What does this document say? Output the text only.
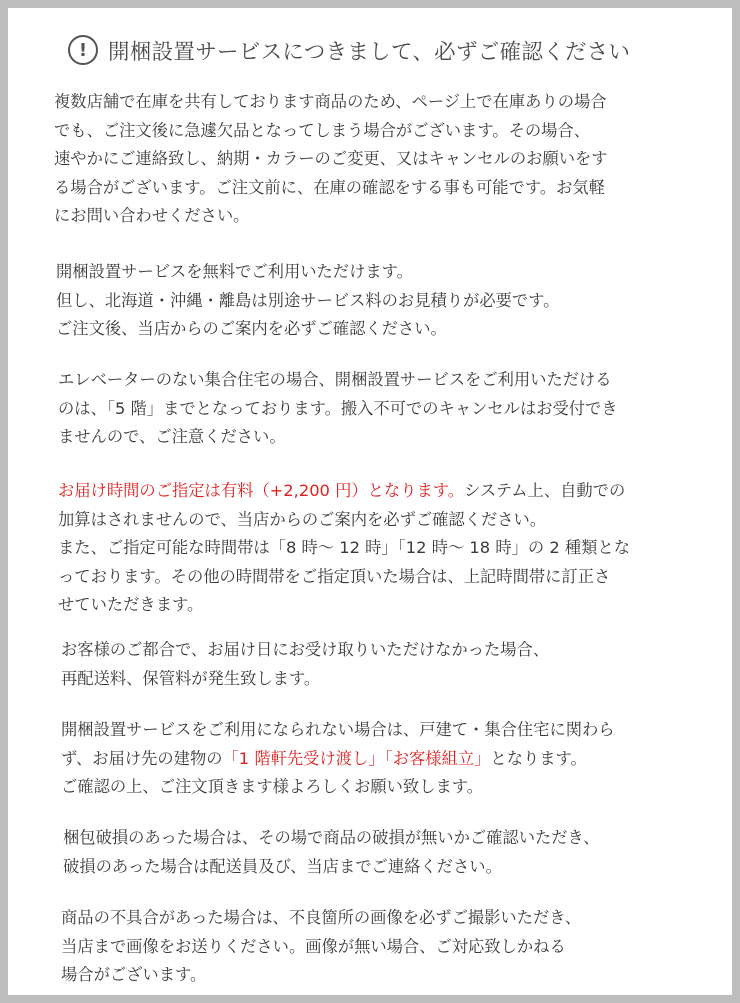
! 開梱設置サービスにつきまして、必ずご確認ください
複数店舗で在庫を共有しております商品のため、ページ上で在庫ありの場合
でも、ご注文後に急遽欠品となってしまう場合がございます。その場合、
速やかにご連絡致し、納期・カラーのご変更、又はキャンセルのお願いをす
る場合がございます。ご注文前に、在庫の確認をする事も可能です。お気軽
にお問い合わせください。
開梱設置サービスを無料でご利用いただけます。
但し、北海道・沖縄・離島は別途サービス料のお見積りが必要です。
ご注文後、当店からのご案内を必ずご確認ください。
エレベーターのない集合住宅の場合、開梱設置サービスをご利用いただける
のは、「5 階」までとなっております。搬入不可でのキャンセルはお受付でき
ませんので、ご注意ください。
お届け時間のご指定は有料（+2,200 円）となります。システム上、自動での
加算はされませんので、当店からのご案内を必ずご確認ください。
また、ご指定可能な時間帯は「8 時～ 12 時」「12 時～ 18 時」の 2 種類とな
っております。その他の時間帯をご指定頂いた場合は、上記時間帯に訂正さ
せていただきます。
お客様のご都合で、お届け日にお受け取りいただけなかった場合、
再配送料、保管料が発生致します。
開梱設置サービスをご利用になられない場合は、戸建て・集合住宅に関わら
ず、お届け先の建物の「1 階軒先受け渡し」「お客様組立」となります。
ご確認の上、ご注文頂きます様よろしくお願い致します。
梱包破損のあった場合は、その場で商品の破損が無いかご確認いただき、
破損のあった場合は配送員及び、当店までご連絡ください。
商品の不具合があった場合は、不良箇所の画像を必ずご撮影いただき、
当店まで画像をお送りください。画像が無い場合、ご対応致しかねる
場合がございます。
